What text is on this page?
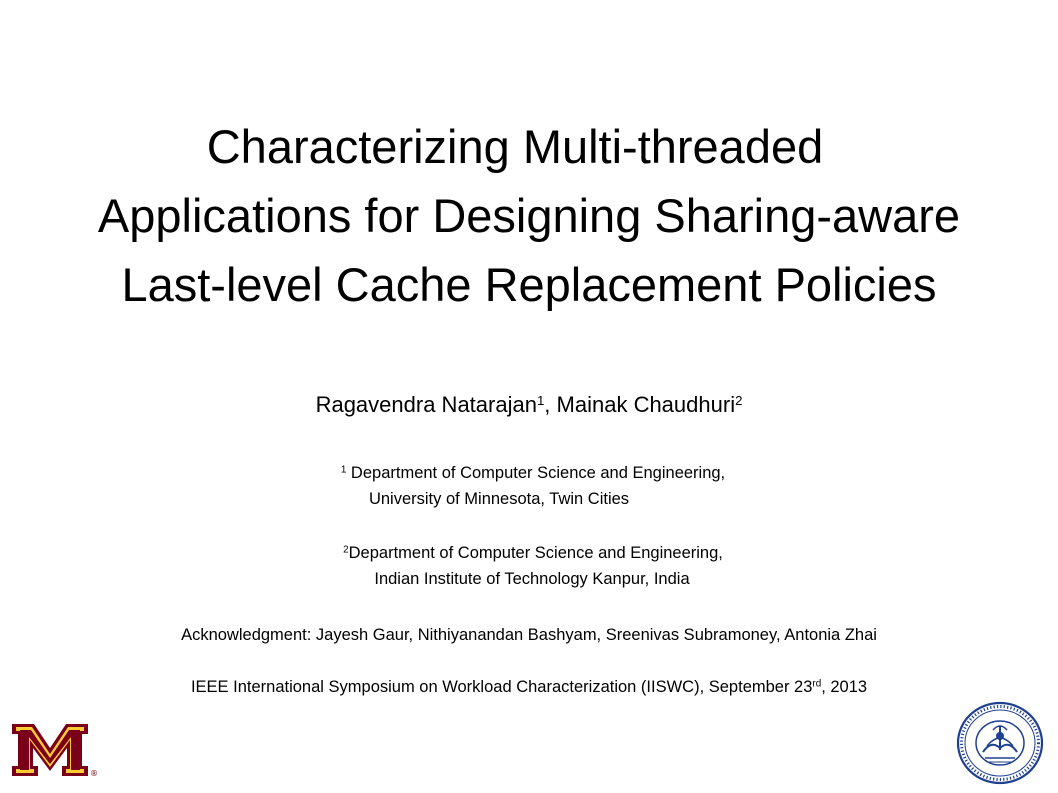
Characterizing Multi-threaded
Applications for Designing Sharing-aware
Last-level Cache Replacement Policies
Ragavendra Natarajan$^1$, Mainak Chaudhuri$^2$
$^1$ Department of Computer Science and Engineering,
University of Minnesota, Twin Cities
$^2$Department of Computer Science and Engineering,
Indian Institute of Technology Kanpur, India
Acknowledgment: Jayesh Gaur, Nithiyanandan Bashyam, Sreenivas Subramoney, Antonia Zhai
IEEE International Symposium on Workload Characterization (IISWC), September 23rd, 2013
®
